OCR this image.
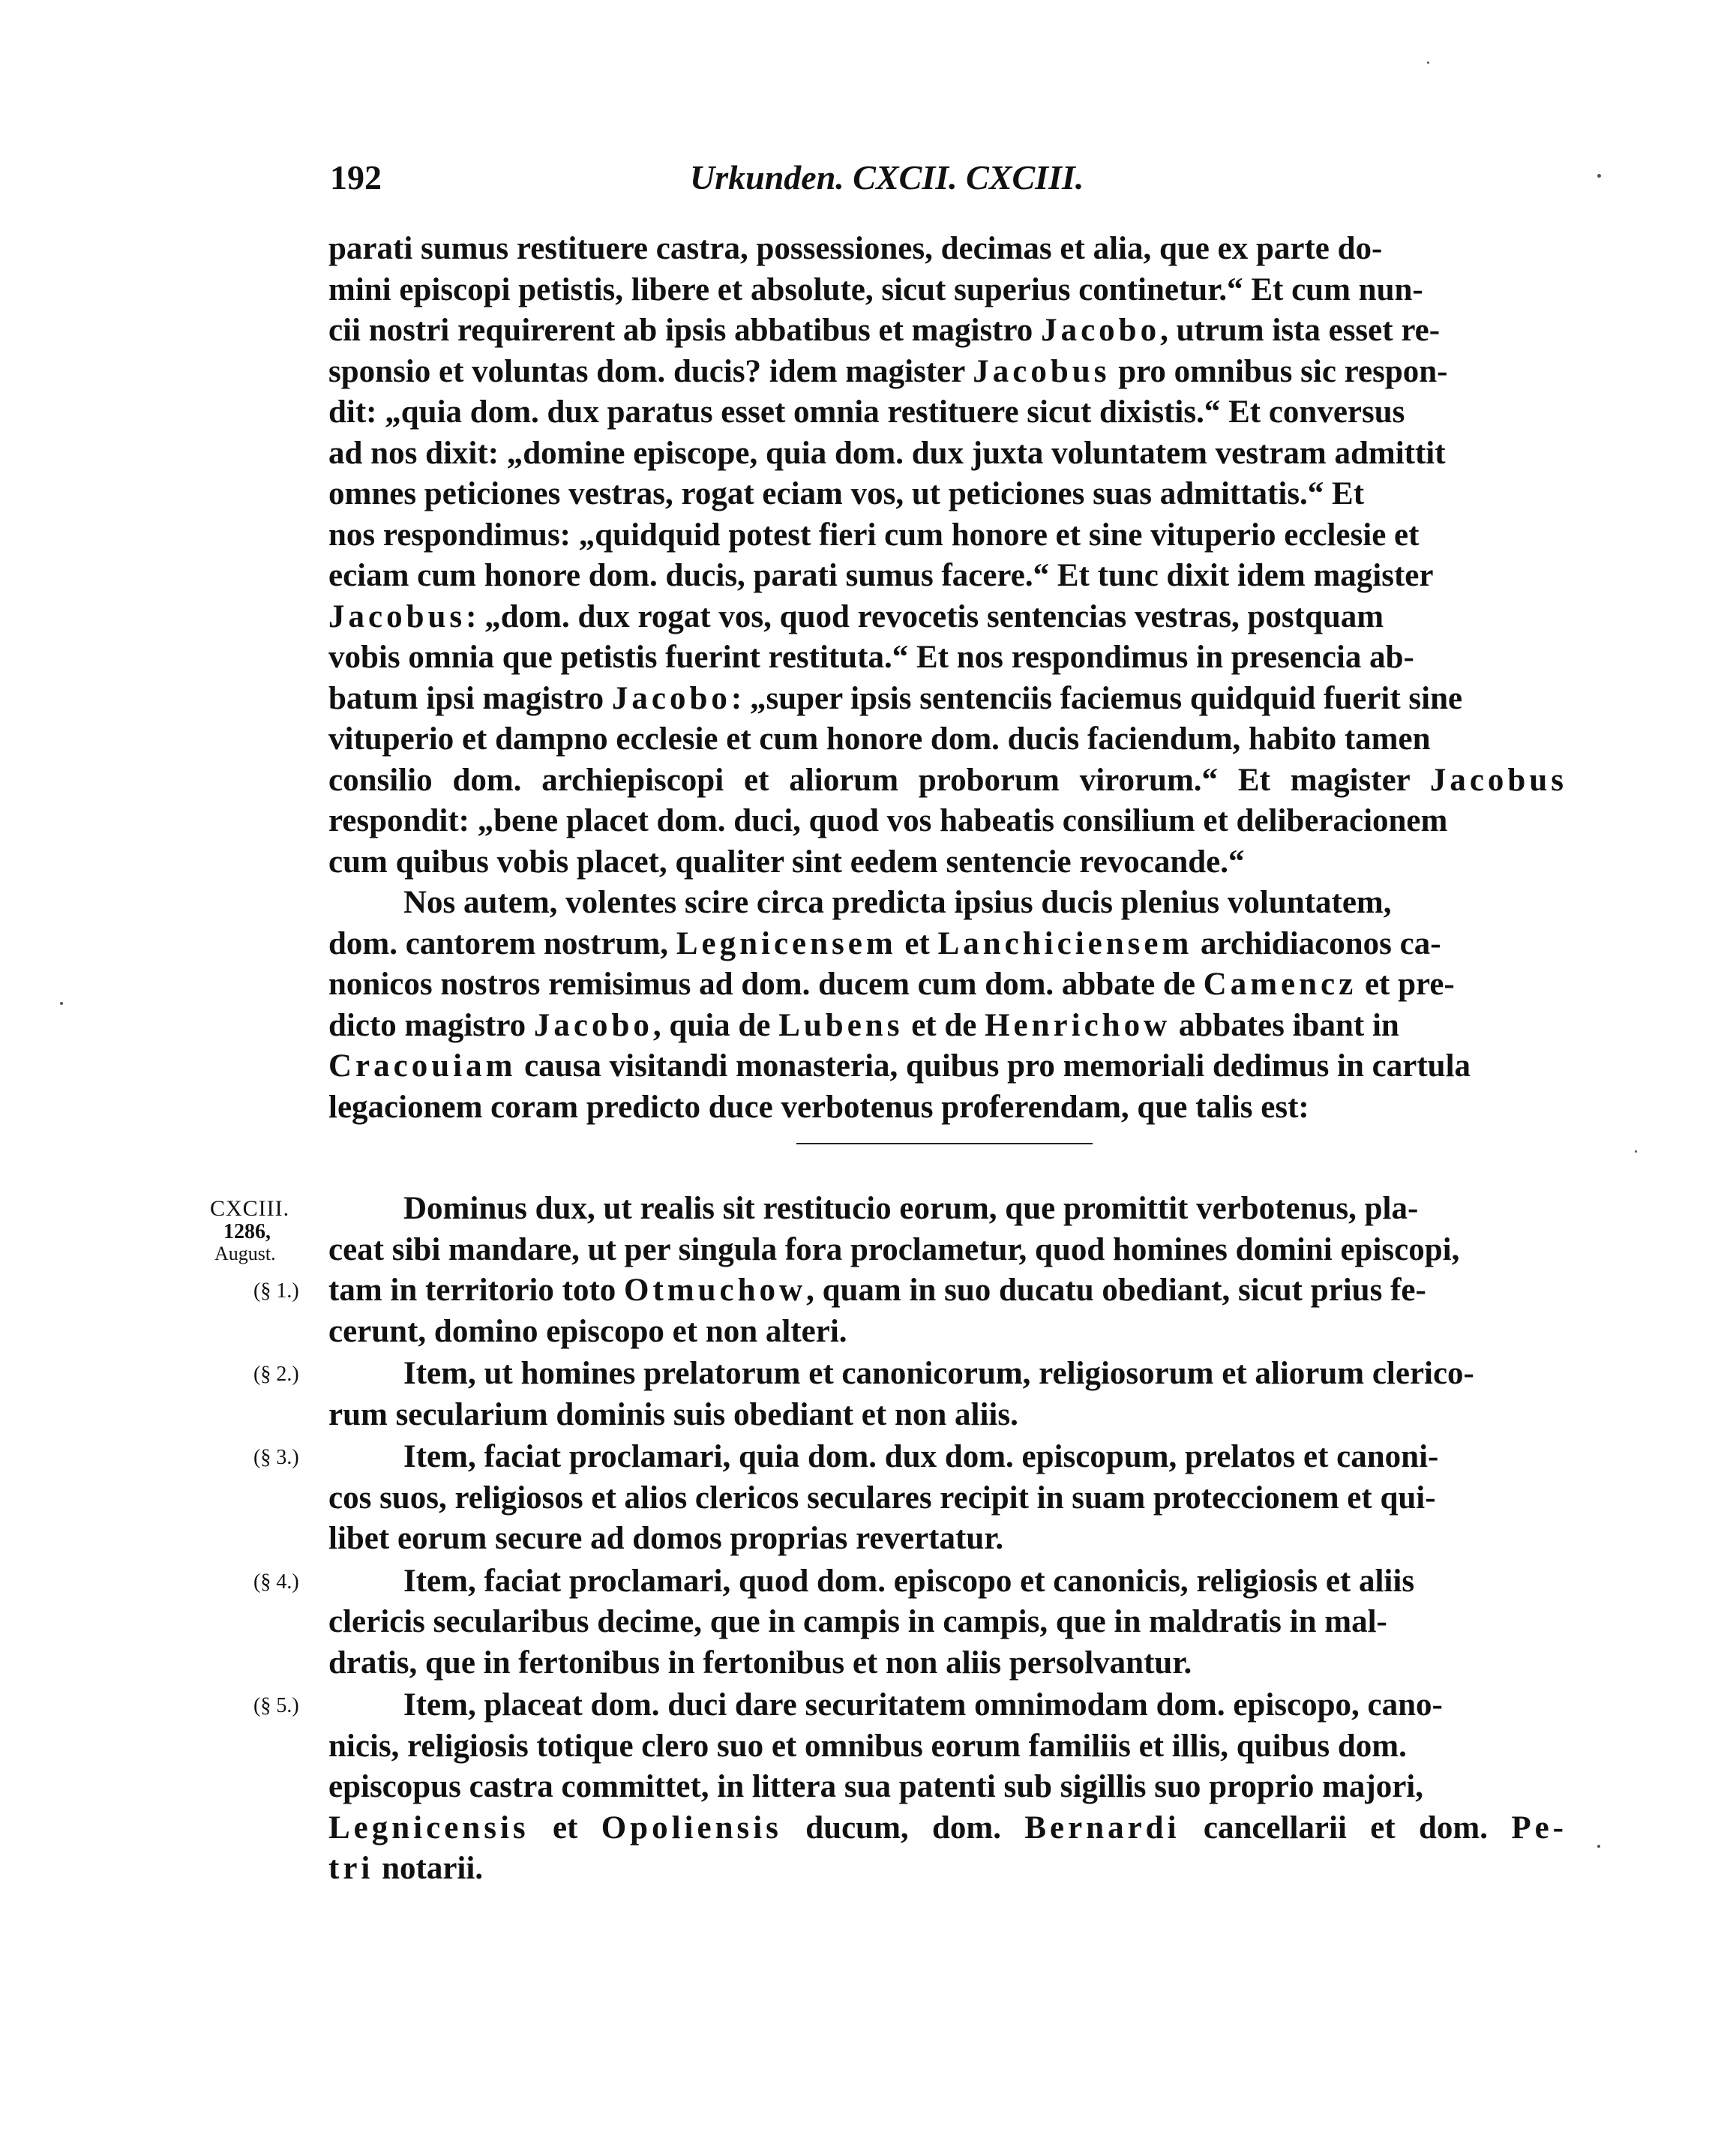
192	Urkunden. CXCII. CXCIII.

parati sumus restituere castra, possessiones, decimas et alia, que ex parte do-

mini episcopi petistis, libere et absolute, sicut superius continetur.“ Et cum nun-

cii nostri requirerent ab ipsis abbatibus et magistro Jacobo, utrum ista esset re-

sponsio et voluntas dom. ducis? idem magister Jacobus pro omnibus sic respon-

dit: „quia dom. dux paratus esset omnia restituere sicut dixistis.“ Et conversus

ad nos dixit: „domine episcope, quia dom. dux juxta voluntatem vestram admittit

omnes peticiones vestras, rogat eciam vos, ut peticiones suas admittatis.“ Et

nos respondimus: „quidquid potest fieri cum honore et sine vituperio ecclesie et

eciam cum honore dom. ducis, parati sumus facere.“ Et tunc dixit idem magister

Jacobus: „dom. dux rogat vos, quod revocetis sentencias vestras, postquam

vobis omnia que petistis fuerint restituta.“ Et nos respondimus in presencia ab-

batum ipsi magistro Jacobo: „super ipsis sentenciis faciemus quidquid fuerit sine

vituperio et dampno ecclesie et cum honore dom. ducis faciendum, habito tamen

consilio dom. archiepiscopi et aliorum proborum virorum.“ Et magister Jacobus

respondit: „bene placet dom. duci, quod vos habeatis consilium et deliberacionem

cum quibus vobis placet, qualiter sint eedem sentencie revocande.“

Nos autem, volentes scire circa predicta ipsius ducis plenius voluntatem,

dom. cantorem nostrum, Legnicensem et Lanchiciensem archidiaconos ca-

nonicos nostros remisimus ad dom. ducem cum dom. abbate de Camencz et pre-

dicto magistro Jacobo, quia de Lubens et de Henrichow abbates ibant in

Cracouiam causa visitandi monasteria, quibus pro memoriali dedimus in cartula

legacionem coram predicto duce verbotenus proferendam, que talis est:

CXCIII.
1286,
August.

Dominus dux, ut realis sit restitucio eorum, que promittit verbotenus, pla-

ceat sibi mandare, ut per singula fora proclametur, quod homines domini episcopi,

(§ 1.) tam in territorio toto Otmuchow, quam in suo ducatu obediant, sicut prius fe-

cerunt, domino episcopo et non alteri.

(§ 2.)	Item, ut homines prelatorum et canonicorum, religiosorum et aliorum clerico-

rum secularium dominis suis obediant et non aliis.

(§ 3.)	Item, faciat proclamari, quia dom. dux dom. episcopum, prelatos et canoni-

cos suos, religiosos et alios clericos seculares recipit in suam proteccionem et qui-

libet eorum secure ad domos proprias revertatur.

(§ 4.)	Item, faciat proclamari, quod dom. episcopo et canonicis, religiosis et aliis

clericis secularibus decime, que in campis in campis, que in maldratis in mal-

dratis, que in fertonibus in fertonibus et non aliis persolvantur.

(§ 5.)	Item, placeat dom. duci dare securitatem omnimodam dom. episcopo, cano-

nicis, religiosis totique clero suo et omnibus eorum familiis et illis, quibus dom.

episcopus castra committet, in littera sua patenti sub sigillis suo proprio majori,

Legnicensis et Opoliensis ducum, dom. Bernardi cancellarii et dom. Pe-

tri notarii.
